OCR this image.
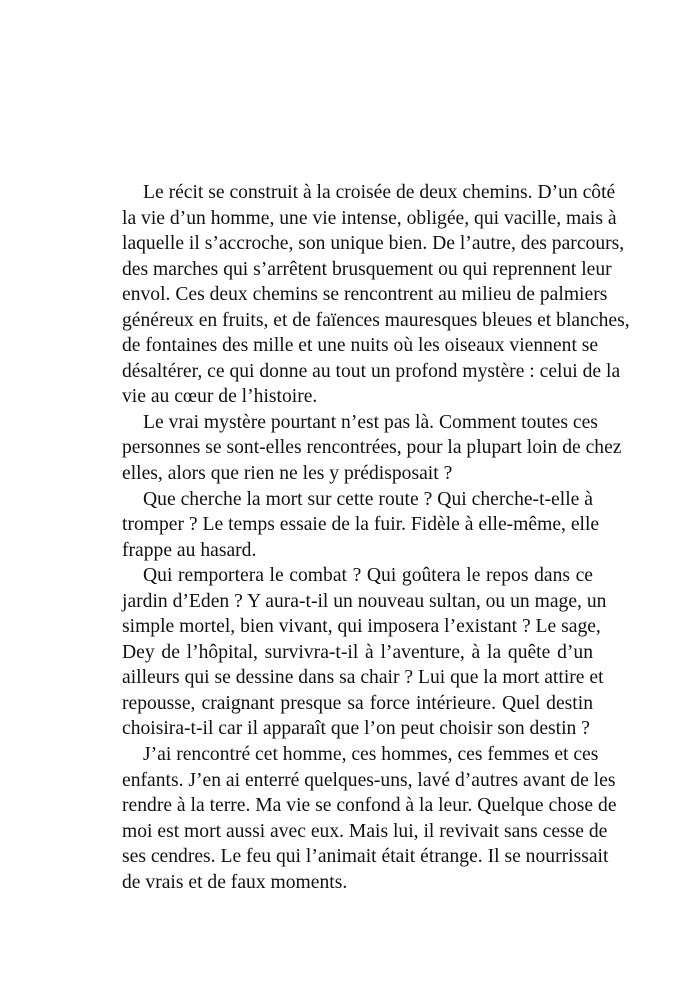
Le récit se construit à la croisée de deux chemins. D’un côté
la vie d’un homme, une vie intense, obligée, qui vacille, mais à
laquelle il s’accroche, son unique bien. De l’autre, des parcours,
des marches qui s’arrêtent brusquement ou qui reprennent leur
envol. Ces deux chemins se rencontrent au milieu de palmiers
généreux en fruits, et de faïences mauresques bleues et blanches,
de fontaines des mille et une nuits où les oiseaux viennent se
désaltérer, ce qui donne au tout un profond mystère : celui de la
vie au cœur de l’histoire.
Le vrai mystère pourtant n’est pas là. Comment toutes ces
personnes se sont-elles rencontrées, pour la plupart loin de chez
elles, alors que rien ne les y prédisposait ?
Que cherche la mort sur cette route ? Qui cherche-t-elle à
tromper ? Le temps essaie de la fuir. Fidèle à elle-même, elle
frappe au hasard.
Qui remportera le combat ? Qui goûtera le repos dans ce
jardin d’Eden ? Y aura-t-il un nouveau sultan, ou un mage, un
simple mortel, bien vivant, qui imposera l’existant ? Le sage,
Dey de l’hôpital, survivra-t-il à l’aventure, à la quête d’un
ailleurs qui se dessine dans sa chair ? Lui que la mort attire et
repousse, craignant presque sa force intérieure. Quel destin
choisira-t-il car il apparaît que l’on peut choisir son destin ?
J’ai rencontré cet homme, ces hommes, ces femmes et ces
enfants. J’en ai enterré quelques-uns, lavé d’autres avant de les
rendre à la terre. Ma vie se confond à la leur. Quelque chose de
moi est mort aussi avec eux. Mais lui, il revivait sans cesse de
ses cendres. Le feu qui l’animait était étrange. Il se nourrissait
de vrais et de faux moments.
